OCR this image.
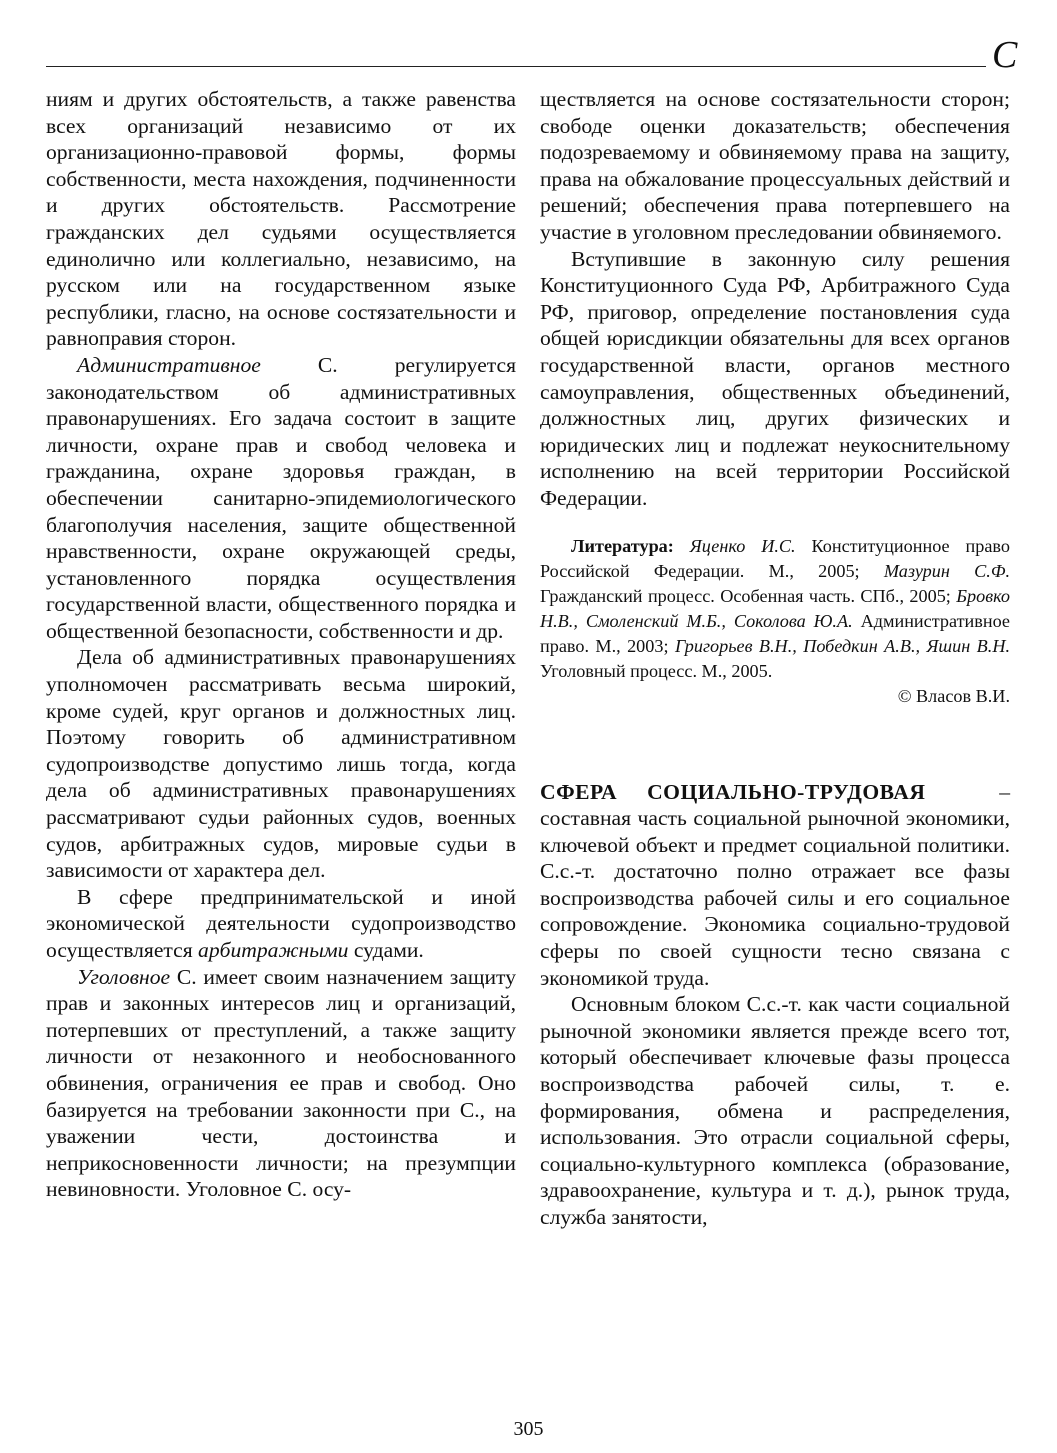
C

ниям и других обстоятельств, а также равенства всех организаций независимо от их организационно-правовой формы, формы собственности, места нахождения, подчиненности и других обстоятельств. Рассмотрение гражданских дел судьями осуществляется единолично или коллегиально, независимо, на русском или на государственном языке республики, гласно, на основе состязательности и равноправия сторон.

Административное С. регулируется законодательством об административных правонарушениях. Его задача состоит в защите личности, охране прав и свобод человека и гражданина, охране здоровья граждан, в обеспечении санитарно-эпидемиологического благополучия населения, защите общественной нравственности, охране окружающей среды, установленного порядка осуществления государственной власти, общественного порядка и общественной безопасности, собственности и др.

Дела об административных правонарушениях уполномочен рассматривать весьма широкий, кроме судей, круг органов и должностных лиц. Поэтому говорить об административном судопроизводстве допустимо лишь тогда, когда дела об административных правонарушениях рассматривают судьи районных судов, военных судов, арбитражных судов, мировые судьи в зависимости от характера дел.

В сфере предпринимательской и иной экономической деятельности судопроизводство осуществляется арбитражными судами.

Уголовное С. имеет своим назначением защиту прав и законных интересов лиц и организаций, потерпевших от преступлений, а также защиту личности от незаконного и необоснованного обвинения, ограничения ее прав и свобод. Оно базируется на требовании законности при С., на уважении чести, достоинства и неприкосновенности личности; на презумпции невиновности. Уголовное С. осу-

ществляется на основе состязательности сторон; свободе оценки доказательств; обеспечения подозреваемому и обвиняемому права на защиту, права на обжалование процессуальных действий и решений; обеспечения права потерпевшего на участие в уголовном преследовании обвиняемого.

Вступившие в законную силу решения Конституционного Суда РФ, Арбитражного Суда РФ, приговор, определение постановления суда общей юрисдикции обязательны для всех органов государственной власти, органов местного самоуправления, общественных объединений, должностных лиц, других физических и юридических лиц и подлежат неукоснительному исполнению на всей территории Российской Федерации.

Литература: Яценко И.С. Конституционное право Российской Федерации. М., 2005; Мазурин С.Ф. Гражданский процесс. Особенная часть. СПб., 2005; Бровко Н.В., Смоленский М.Б., Соколова Ю.А. Административное право. М., 2003; Григорьев В.Н., Победкин А.В., Яшин В.Н. Уголовный процесс. М., 2005.

© Власов В.И.

СФЕРА СОЦИАЛЬНО-ТРУДОВАЯ – составная часть социальной рыночной экономики, ключевой объект и предмет социальной политики. С.с.-т. достаточно полно отражает все фазы воспроизводства рабочей силы и его социальное сопровождение. Экономика социально-трудовой сферы по своей сущности тесно связана с экономикой труда.

Основным блоком С.с.-т. как части социальной рыночной экономики является прежде всего тот, который обеспечивает ключевые фазы процесса воспроизводства рабочей силы, т. е. формирования, обмена и распределения, использования. Это отрасли социальной сферы, социально-культурного комплекса (образование, здравоохранение, культура и т. д.), рынок труда, служба занятости,

305
